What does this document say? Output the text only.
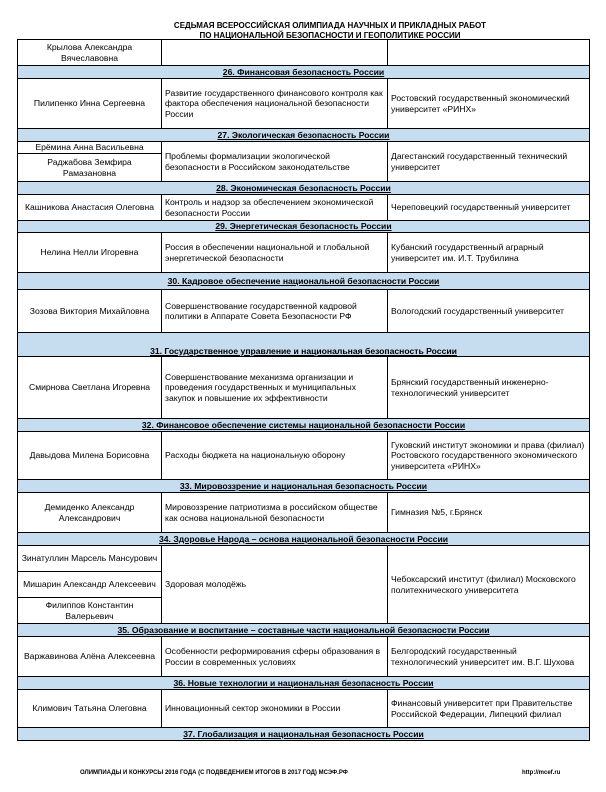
СЕДЬМАЯ ВСЕРОССИЙСКАЯ ОЛИМПИАДА НАУЧНЫХ И ПРИКЛАДНЫХ РАБОТ
ПО НАЦИОНАЛЬНОЙ БЕЗОПАСНОСТИ И ГЕОПОЛИТИКЕ РОССИИ
Крылова Александра Вячеславовна		
26. Финансовая безопасность России		
Пилипенко Инна Сергеевна	Развитие государственного финансового контроля как фактора обеспечения национальной безопасности России	Ростовский государственный экономический университет «РИНХ»
27. Экологическая безопасность России		
Ерёмина Анна Васильевна	Проблемы формализации экологической безопасности в Российском законодательстве	Дагестанский государственный технический университет
Раджабова Земфира Рамазановна		
28. Экономическая безопасность России		
Кашникова Анастасия Олеговна	Контроль и надзор за обеспечением экономической безопасности России	Череповецкий государственный университет
29. Энергетическая безопасность России		
Нелина Нелли Игоревна	Россия в обеспечении национальной и глобальной энергетической безопасности	Кубанский государственный аграрный университет им. И.Т. Трубилина
30. Кадровое обеспечение национальной безопасности России		
Зозова Виктория Михайловна	Совершенствование государственной кадровой политики в Аппарате Совета Безопасности РФ	Вологодский государственный университет
31. Государственное управление и национальная безопасность России		
Смирнова Светлана Игоревна	Совершенствование механизма организации и проведения государственных и муниципальных закупок и повышение их эффективности	Брянский государственный инженерно-технологический университет
32. Финансовое обеспечение системы национальной безопасности России		
Давыдова Милена Борисовна	Расходы бюджета на национальную оборону	Гуковский институт экономики и права (филиал) Ростовского государственного экономического университета «РИНХ»
33. Мировоззрение и национальная безопасность России		
Демиденко Александр Александрович	Мировоззрение патриотизма в российском обществе как основа национальной безопасности	Гимназия №5, г.Брянск
34. Здоровье Народа – основа национальной безопасности России		
Зинатуллин Марсель Мансурович	Здоровая молодёжь	Чебоксарский институт (филиал) Московского политехнического университета
Мишарин Александр Алексеевич		
Филиппов Константин Валерьевич		
35. Образование и воспитание – составные части национальной безопасности России		
Варжавинова Алёна Алексеевна	Особенности реформирования сферы образования в России в современных условиях	Белгородский государственный технологический университет им. В.Г. Шухова
36. Новые технологии и национальная безопасность России		
Климович Татьяна Олеговна	Инновационный сектор экономики в России	Финансовый университет при Правительстве Российской Федерации, Липецкий филиал
37. Глобализация и национальная безопасность России		
ОЛИМПИАДЫ И КОНКУРСЫ 2016 ГОДА (С ПОДВЕДЕНИЕМ ИТОГОВ В 2017 ГОД) МСЭФ.РФ	http://mcef.ru
